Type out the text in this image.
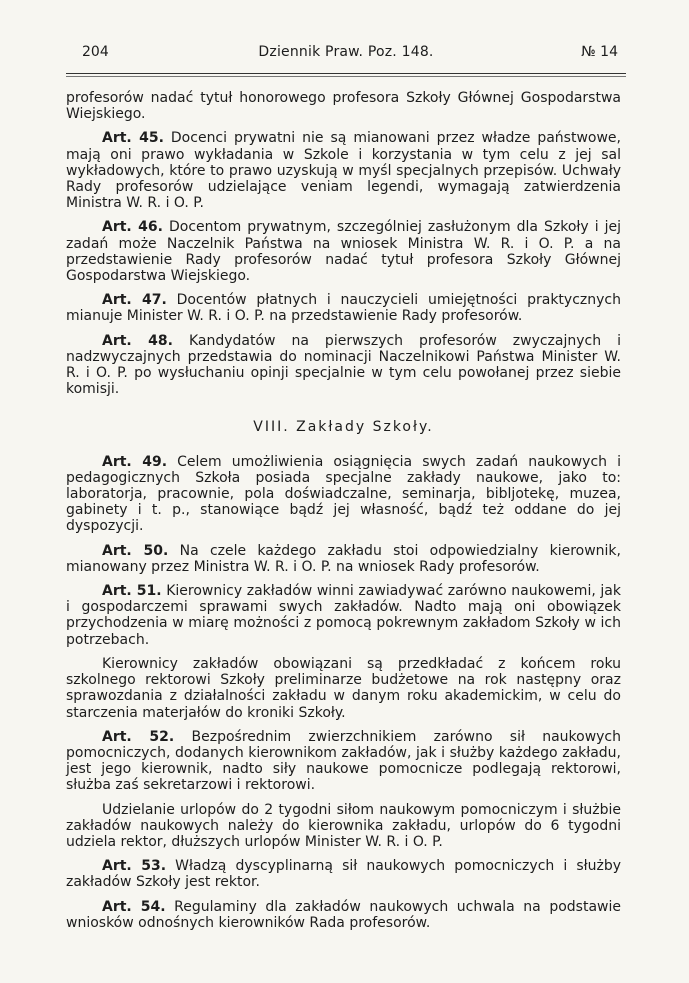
204	Dziennik Praw. Poz. 148.	№ 14

profesorów nadać tytuł honorowego profesora Szkoły Głównej Gospodarstwa Wiejskiego.

Art. 45. Docenci prywatni nie są mianowani przez władze państwowe, mają oni prawo wykładania w Szkole i korzystania w tym celu z jej sal wykładowych, które to prawo uzyskują w myśl specjalnych przepisów. Uchwały Rady profesorów udzielające veniam legendi, wymagają zatwierdzenia Ministra W. R. i O. P.

Art. 46. Docentom prywatnym, szczególniej zasłużonym dla Szkoły i jej zadań może Naczelnik Państwa na wniosek Ministra W. R. i O. P. a na przedstawienie Rady profesorów nadać tytuł profesora Szkoły Głównej Gospodarstwa Wiejskiego.

Art. 47. Docentów płatnych i nauczycieli umiejętności praktycznych mianuje Minister W. R. i O. P. na przedstawienie Rady profesorów.

Art. 48. Kandydatów na pierwszych profesorów zwyczajnych i nadzwyczajnych przedstawia do nominacji Naczelnikowi Państwa Minister W. R. i O. P. po wysłuchaniu opinji specjalnie w tym celu powołanej przez siebie komisji.

VIII. Zakłady Szkoły.

Art. 49. Celem umożliwienia osiągnięcia swych zadań naukowych i pedagogicznych Szkoła posiada specjalne zakłady naukowe, jako to: laboratorja, pracownie, pola doświadczalne, seminarja, bibljotekę, muzea, gabinety i t. p., stanowiące bądź jej własność, bądź też oddane do jej dyspozycji.

Art. 50. Na czele każdego zakładu stoi odpowiedzialny kierownik, mianowany przez Ministra W. R. i O. P. na wniosek Rady profesorów.

Art. 51. Kierownicy zakładów winni zawiadywać zarówno naukowemi, jak i gospodarczemi sprawami swych zakładów. Nadto mają oni obowiązek przychodzenia w miarę możności z pomocą pokrewnym zakładom Szkoły w ich potrzebach.

Kierownicy zakładów obowiązani są przedkładać z końcem roku szkolnego rektorowi Szkoły preliminarze budżetowe na rok następny oraz sprawozdania z działalności zakładu w danym roku akademickim, w celu do starczenia materjałów do kroniki Szkoły.

Art. 52. Bezpośrednim zwierzchnikiem zarówno sił naukowych pomocniczych, dodanych kierownikom zakładów, jak i służby każdego zakładu, jest jego kierownik, nadto siły naukowe pomocnicze podlegają rektorowi, służba zaś sekretarzowi i rektorowi.

Udzielanie urlopów do 2 tygodni siłom naukowym pomocniczym i służbie zakładów naukowych należy do kierownika zakładu, urlopów do 6 tygodni udziela rektor, dłuższych urlopów Minister W. R. i O. P.

Art. 53. Władzą dyscyplinarną sił naukowych pomocniczych i służby zakładów Szkoły jest rektor.

Art. 54. Regulaminy dla zakładów naukowych uchwala na podstawie wniosków odnośnych kierowników Rada profesorów.
